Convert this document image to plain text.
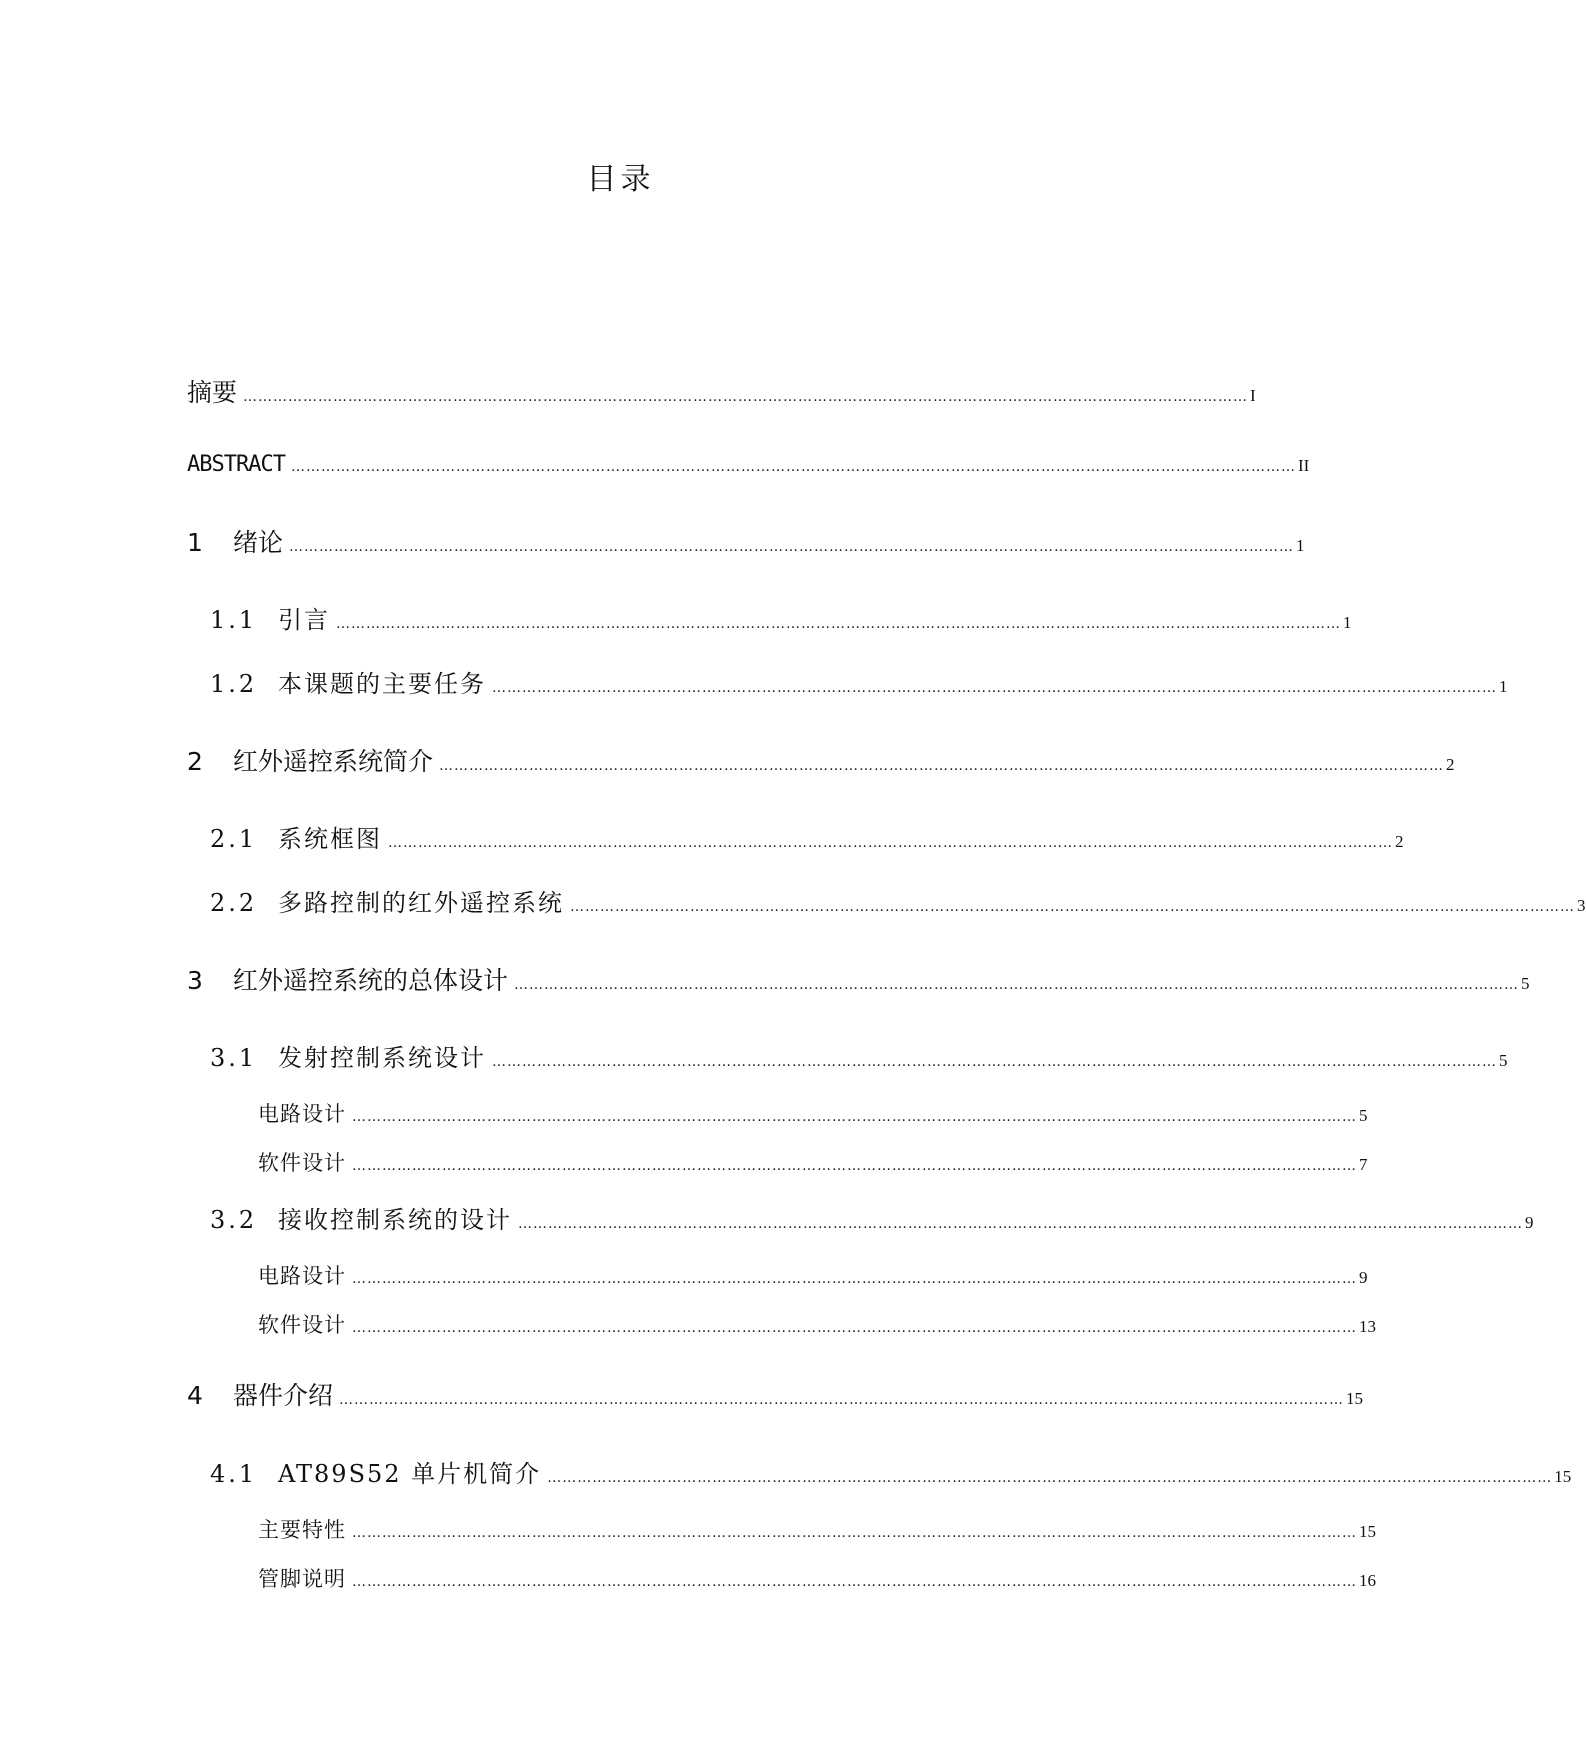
目录
摘要 ………………………………………………………………………………………………………………………………………………………………………………… I
ABSTRACT ………………………………………………………………………………………………………………………………………………………………………………… II
1	绪论 ………………………………………………………………………………………………………………………………………………………………………………… 1
1.1 引言 ………………………………………………………………………………………………………………………………………………………………………………… 1
1.2 本课题的主要任务 ………………………………………………………………………………………………………………………………………………………………………………… 1
2	红外遥控系统简介 ………………………………………………………………………………………………………………………………………………………………………………… 2
2.1 系统框图 ………………………………………………………………………………………………………………………………………………………………………………… 2
2.2 多路控制的红外遥控系统 ………………………………………………………………………………………………………………………………………………………………………………… 3
3	红外遥控系统的总体设计 ………………………………………………………………………………………………………………………………………………………………………………… 5
3.1 发射控制系统设计 ………………………………………………………………………………………………………………………………………………………………………………… 5
电路设计 ………………………………………………………………………………………………………………………………………………………………………………… 5
软件设计 ………………………………………………………………………………………………………………………………………………………………………………… 7
3.2 接收控制系统的设计 ………………………………………………………………………………………………………………………………………………………………………………… 9
电路设计 ………………………………………………………………………………………………………………………………………………………………………………… 9
软件设计 ………………………………………………………………………………………………………………………………………………………………………………… 13
4	器件介绍 ………………………………………………………………………………………………………………………………………………………………………………… 15
4.1 AT89S52 单片机简介 ………………………………………………………………………………………………………………………………………………………………………………… 15
主要特性 ………………………………………………………………………………………………………………………………………………………………………………… 15
管脚说明 ………………………………………………………………………………………………………………………………………………………………………………… 16
